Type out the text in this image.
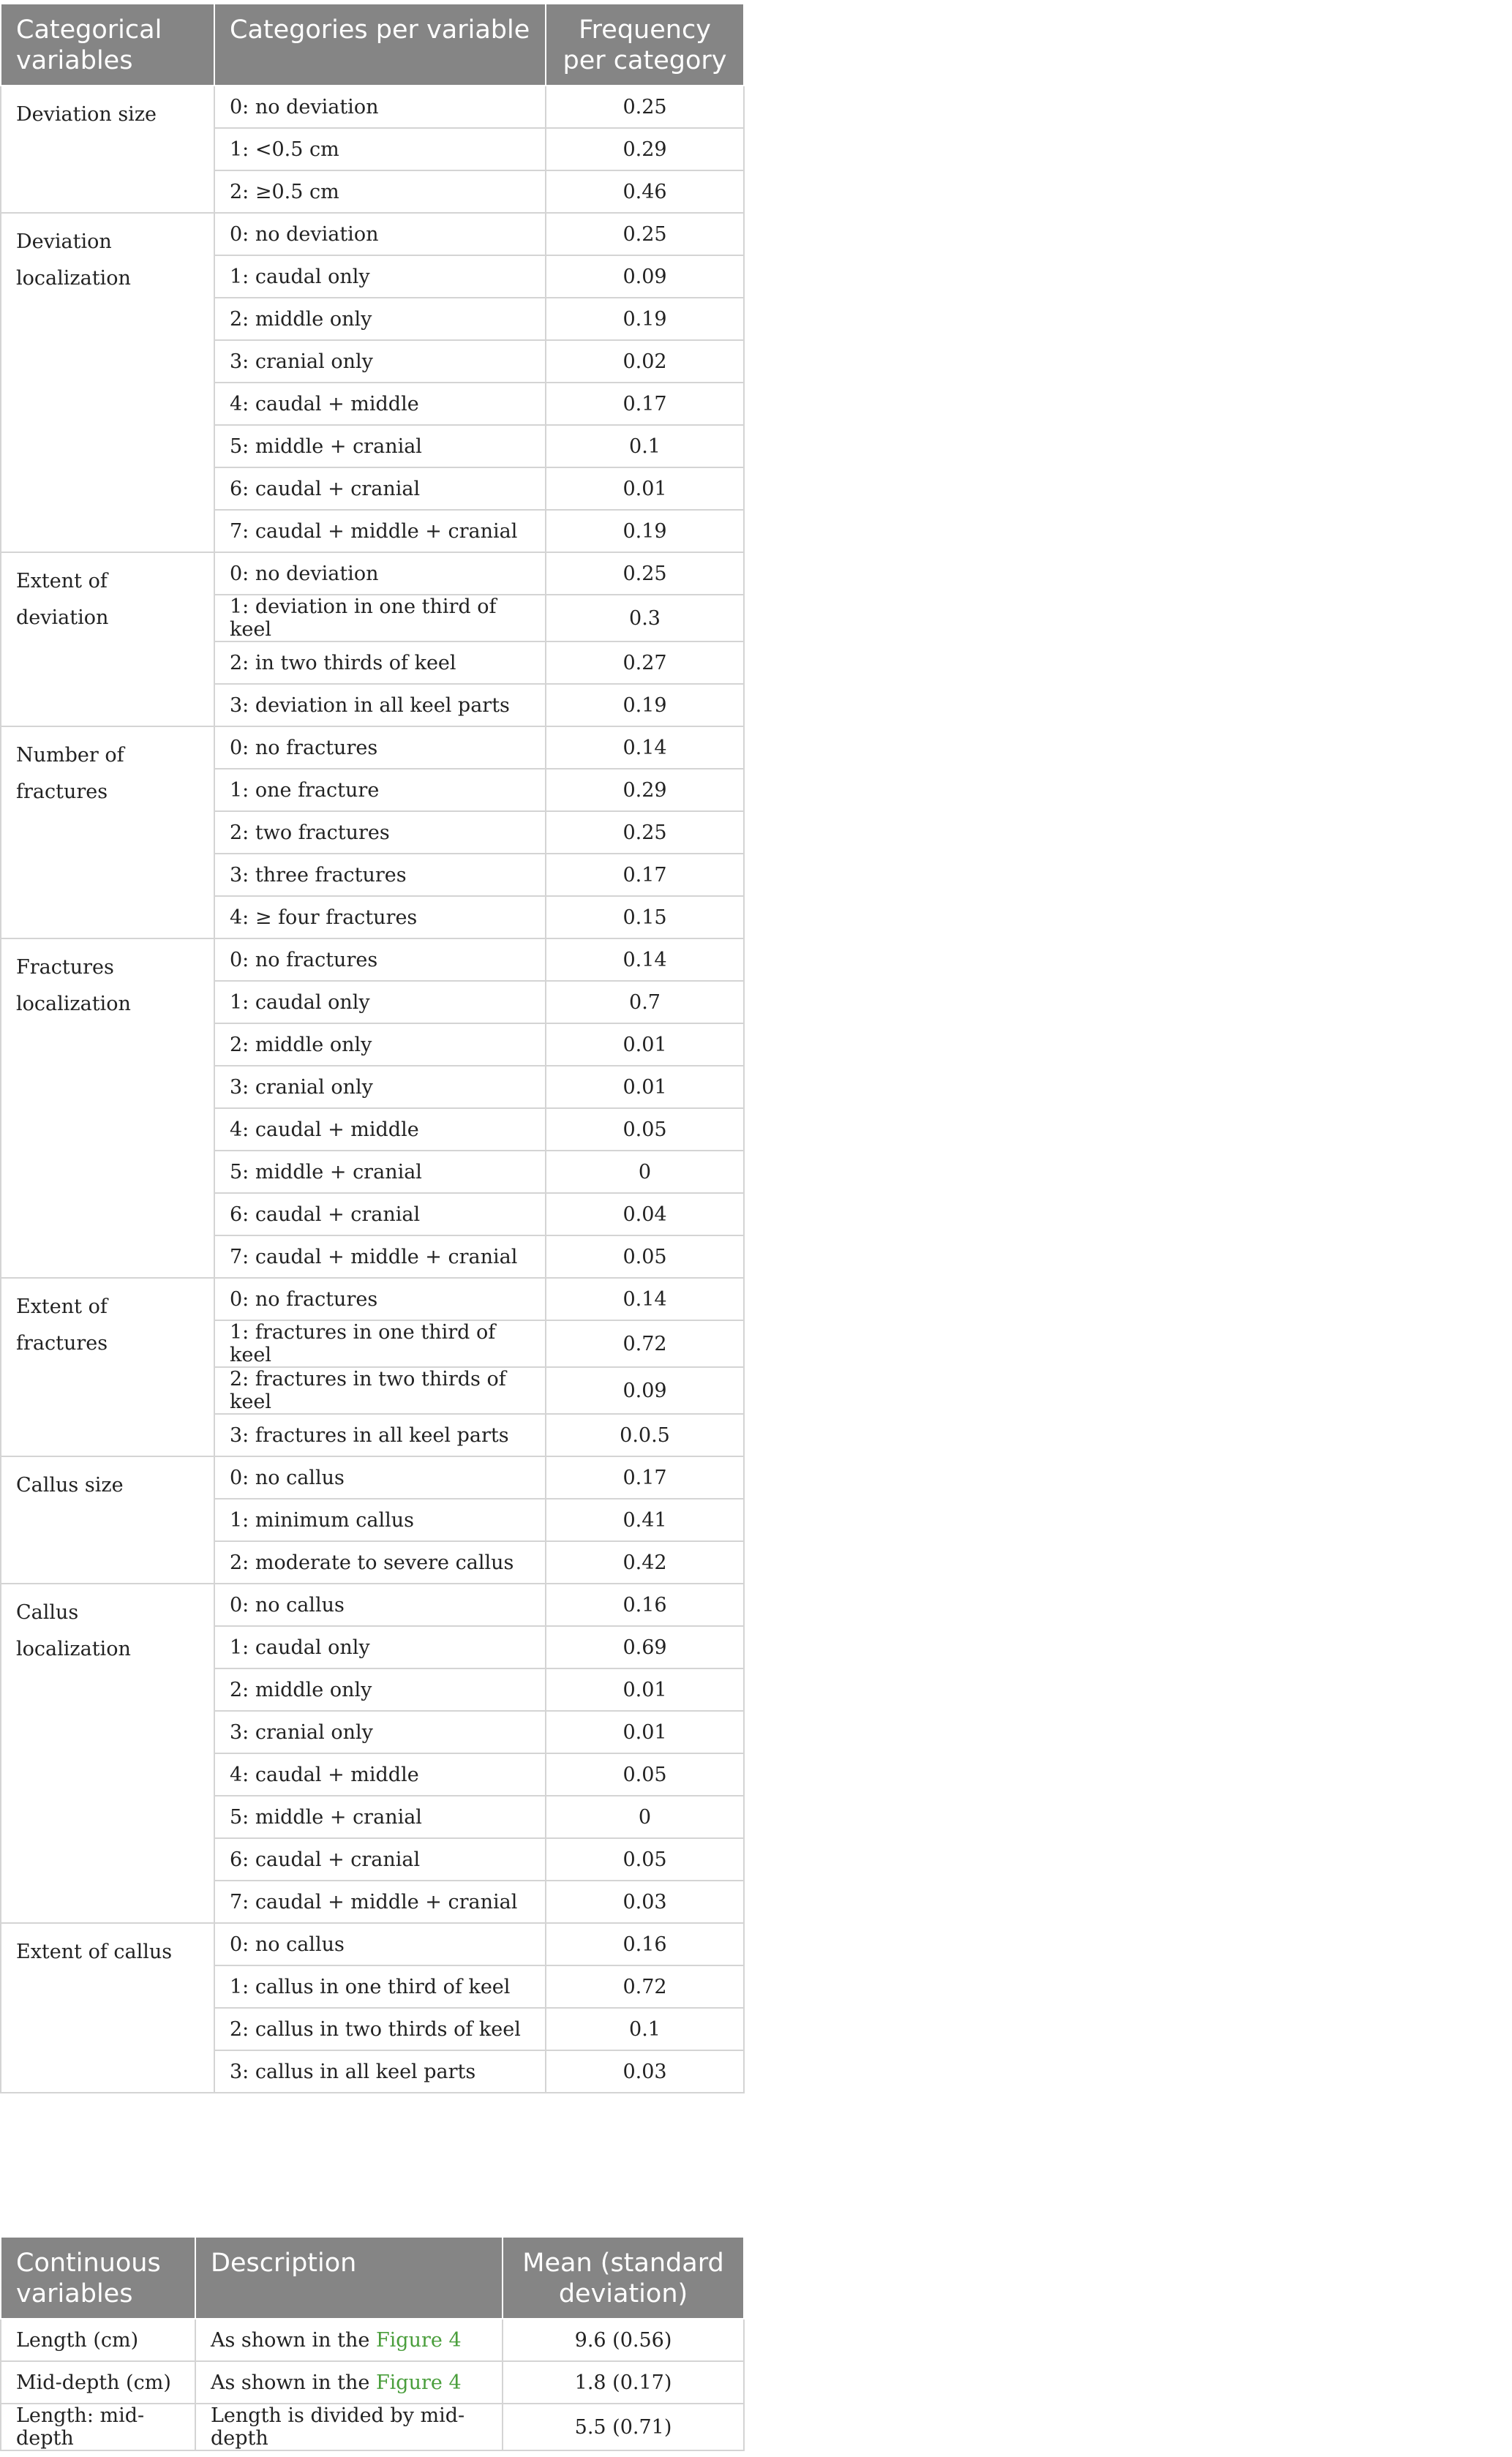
Categorical variables	Categories per variable	Frequency per category
Deviation size	0: no deviation	0.25
	1: <0.5 cm	0.29
	2: ≥0.5 cm	0.46
Deviation localization	0: no deviation	0.25
	1: caudal only	0.09
	2: middle only	0.19
	3: cranial only	0.02
	4: caudal + middle	0.17
	5: middle + cranial	0.1
	6: caudal + cranial	0.01
	7: caudal + middle + cranial	0.19
Extent of deviation	0: no deviation	0.25
	1: deviation in one third of keel	0.3
	2: in two thirds of keel	0.27
	3: deviation in all keel parts	0.19
Number of fractures	0: no fractures	0.14
	1: one fracture	0.29
	2: two fractures	0.25
	3: three fractures	0.17
	4: ≥ four fractures	0.15
Fractures localization	0: no fractures	0.14
	1: caudal only	0.7
	2: middle only	0.01
	3: cranial only	0.01
	4: caudal + middle	0.05
	5: middle + cranial	0
	6: caudal + cranial	0.04
	7: caudal + middle + cranial	0.05
Extent of fractures	0: no fractures	0.14
	1: fractures in one third of keel	0.72
	2: fractures in two thirds of keel	0.09
	3: fractures in all keel parts	0.0.5
Callus size	0: no callus	0.17
	1: minimum callus	0.41
	2: moderate to severe callus	0.42
Callus localization	0: no callus	0.16
	1: caudal only	0.69
	2: middle only	0.01
	3: cranial only	0.01
	4: caudal + middle	0.05
	5: middle + cranial	0
	6: caudal + cranial	0.05
	7: caudal + middle + cranial	0.03
Extent of callus	0: no callus	0.16
	1: callus in one third of keel	0.72
	2: callus in two thirds of keel	0.1
	3: callus in all keel parts	0.03
Continuous variables	Description	Mean (standard deviation)
Length (cm)	As shown in the Figure 4	9.6 (0.56)
Mid-depth (cm)	As shown in the Figure 4	1.8 (0.17)
Length: mid-depth	Length is divided by mid-depth	5.5 (0.71)
